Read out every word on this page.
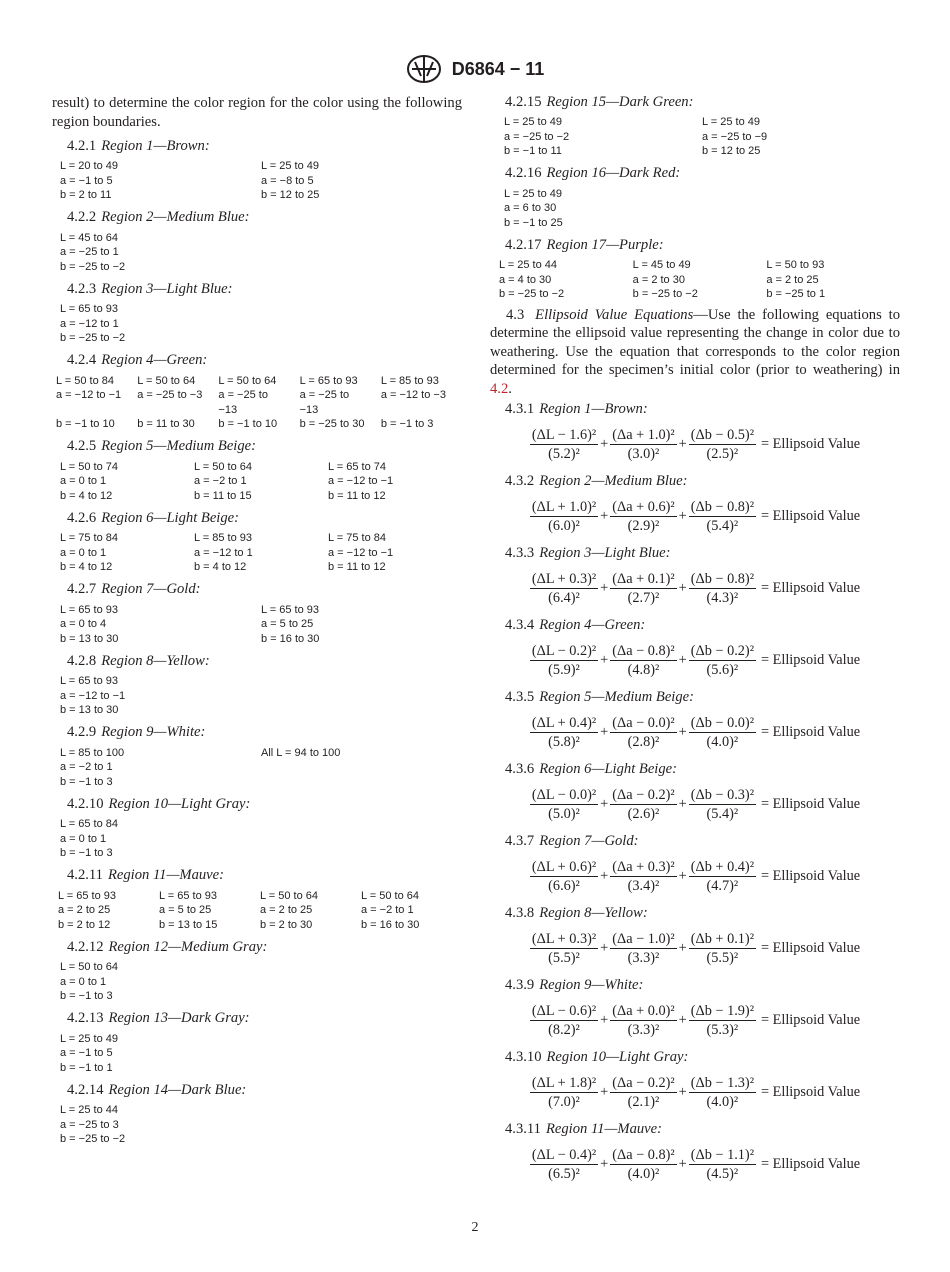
D6864 − 11

result) to determine the color region for the color using the following region boundaries.

4.2.1 Region 1—Brown:
L = 20 to 49
a = −1 to 5
b = 2 to 11
L = 25 to 49
a = −8 to 5
b = 12 to 25
4.2.2 Region 2—Medium Blue:
L = 45 to 64
a = −25 to 1
b = −25 to −2
4.2.3 Region 3—Light Blue:
L = 65 to 93
a = −12 to 1
b = −25 to −2
4.2.4 Region 4—Green:
L = 50 to 84
a = −12 to −1
b = −1 to 10
L = 50 to 64
a = −25 to −3
b = 11 to 30
L = 50 to 64
a = −25 to −13
b = −1 to 10
L = 65 to 93
a = −25 to −13
b = −25 to 30
L = 85 to 93
a = −12 to −3
b = −1 to 3
4.2.5 Region 5—Medium Beige:
L = 50 to 74
a = 0 to 1
b = 4 to 12
L = 50 to 64
a = −2 to 1
b = 11 to 15
L = 65 to 74
a = −12 to −1
b = 11 to 12
4.2.6 Region 6—Light Beige:
L = 75 to 84
a = 0 to 1
b = 4 to 12
L = 85 to 93
a = −12 to 1
b = 4 to 12
L = 75 to 84
a = −12 to −1
b = 11 to 12
4.2.7 Region 7—Gold:
L = 65 to 93
a = 0 to 4
b = 13 to 30
L = 65 to 93
a = 5 to 25
b = 16 to 30
4.2.8 Region 8—Yellow:
L = 65 to 93
a = −12 to −1
b = 13 to 30
4.2.9 Region 9—White:
L = 85 to 100
a = −2 to 1
b = −1 to 3
All L = 94 to 100
4.2.10 Region 10—Light Gray:
L = 65 to 84
a = 0 to 1
b = −1 to 3
4.2.11 Region 11—Mauve:
L = 65 to 93
a = 2 to 25
b = 2 to 12
L = 65 to 93
a = 5 to 25
b = 13 to 15
L = 50 to 64
a = 2 to 25
b = 2 to 30
L = 50 to 64
a = −2 to 1
b = 16 to 30
4.2.12 Region 12—Medium Gray:
L = 50 to 64
a = 0 to 1
b = −1 to 3
4.2.13 Region 13—Dark Gray:
L = 25 to 49
a = −1 to 5
b = −1 to 1
4.2.14 Region 14—Dark Blue:
L = 25 to 44
a = −25 to 3
b = −25 to −2
4.2.15 Region 15—Dark Green:
L = 25 to 49
a = −25 to −2
b = −1 to 11
L = 25 to 49
a = −25 to −9
b = 12 to 25
4.2.16 Region 16—Dark Red:
L = 25 to 49
a = 6 to 30
b = −1 to 25
4.2.17 Region 17—Purple:
L = 25 to 44
a = 4 to 30
b = −25 to −2
L = 45 to 49
a = 2 to 30
b = −25 to −2
L = 50 to 93
a = 2 to 25
b = −25 to 1

4.3 Ellipsoid Value Equations—Use the following equations to determine the ellipsoid value representing the change in color due to weathering. Use the equation that corresponds to the color region determined for the specimen’s initial color (prior to weathering) in 4.2.

4.3.1 Region 1—Brown:
$\frac{\text{(ΔL − 1.6)²}}{\text{(5.2)²}} + \frac{\text{(Δa + 1.0)²}}{\text{(3.0)²}} + \frac{\text{(Δb − 0.5)²}}{\text{(2.5)²}}$ = Ellipsoid Value
4.3.2 Region 2—Medium Blue:
$\frac{\text{(ΔL + 1.0)²}}{\text{(6.0)²}} + \frac{\text{(Δa + 0.6)²}}{\text{(2.9)²}} + \frac{\text{(Δb − 0.8)²}}{\text{(5.4)²}}$ = Ellipsoid Value
4.3.3 Region 3—Light Blue:
$\frac{\text{(ΔL + 0.3)²}}{\text{(6.4)²}} + \frac{\text{(Δa + 0.1)²}}{\text{(2.7)²}} + \frac{\text{(Δb − 0.8)²}}{\text{(4.3)²}}$ = Ellipsoid Value
4.3.4 Region 4—Green:
$\frac{\text{(ΔL − 0.2)²}}{\text{(5.9)²}} + \frac{\text{(Δa − 0.8)²}}{\text{(4.8)²}} + \frac{\text{(Δb − 0.2)²}}{\text{(5.6)²}}$ = Ellipsoid Value
4.3.5 Region 5—Medium Beige:
$\frac{\text{(ΔL + 0.4)²}}{\text{(5.8)²}} + \frac{\text{(Δa − 0.0)²}}{\text{(2.8)²}} + \frac{\text{(Δb − 0.0)²}}{\text{(4.0)²}}$ = Ellipsoid Value
4.3.6 Region 6—Light Beige:
$\frac{\text{(ΔL − 0.0)²}}{\text{(5.0)²}} + \frac{\text{(Δa − 0.2)²}}{\text{(2.6)²}} + \frac{\text{(Δb − 0.3)²}}{\text{(5.4)²}}$ = Ellipsoid Value
4.3.7 Region 7—Gold:
$\frac{\text{(ΔL + 0.6)²}}{\text{(6.6)²}} + \frac{\text{(Δa + 0.3)²}}{\text{(3.4)²}} + \frac{\text{(Δb + 0.4)²}}{\text{(4.7)²}}$ = Ellipsoid Value
4.3.8 Region 8—Yellow:
$\frac{\text{(ΔL + 0.3)²}}{\text{(5.5)²}} + \frac{\text{(Δa − 1.0)²}}{\text{(3.3)²}} + \frac{\text{(Δb + 0.1)²}}{\text{(5.5)²}}$ = Ellipsoid Value
4.3.9 Region 9—White:
$\frac{\text{(ΔL − 0.6)²}}{\text{(8.2)²}} + \frac{\text{(Δa + 0.0)²}}{\text{(3.3)²}} + \frac{\text{(Δb − 1.9)²}}{\text{(5.3)²}}$ = Ellipsoid Value
4.3.10 Region 10—Light Gray:
$\frac{\text{(ΔL + 1.8)²}}{\text{(7.0)²}} + \frac{\text{(Δa − 0.2)²}}{\text{(2.1)²}} + \frac{\text{(Δb − 1.3)²}}{\text{(4.0)²}}$ = Ellipsoid Value
4.3.11 Region 11—Mauve:
$\frac{\text{(ΔL − 0.4)²}}{\text{(6.5)²}} + \frac{\text{(Δa − 0.8)²}}{\text{(4.0)²}} + \frac{\text{(Δb − 1.1)²}}{\text{(4.5)²}}$ = Ellipsoid Value
2
